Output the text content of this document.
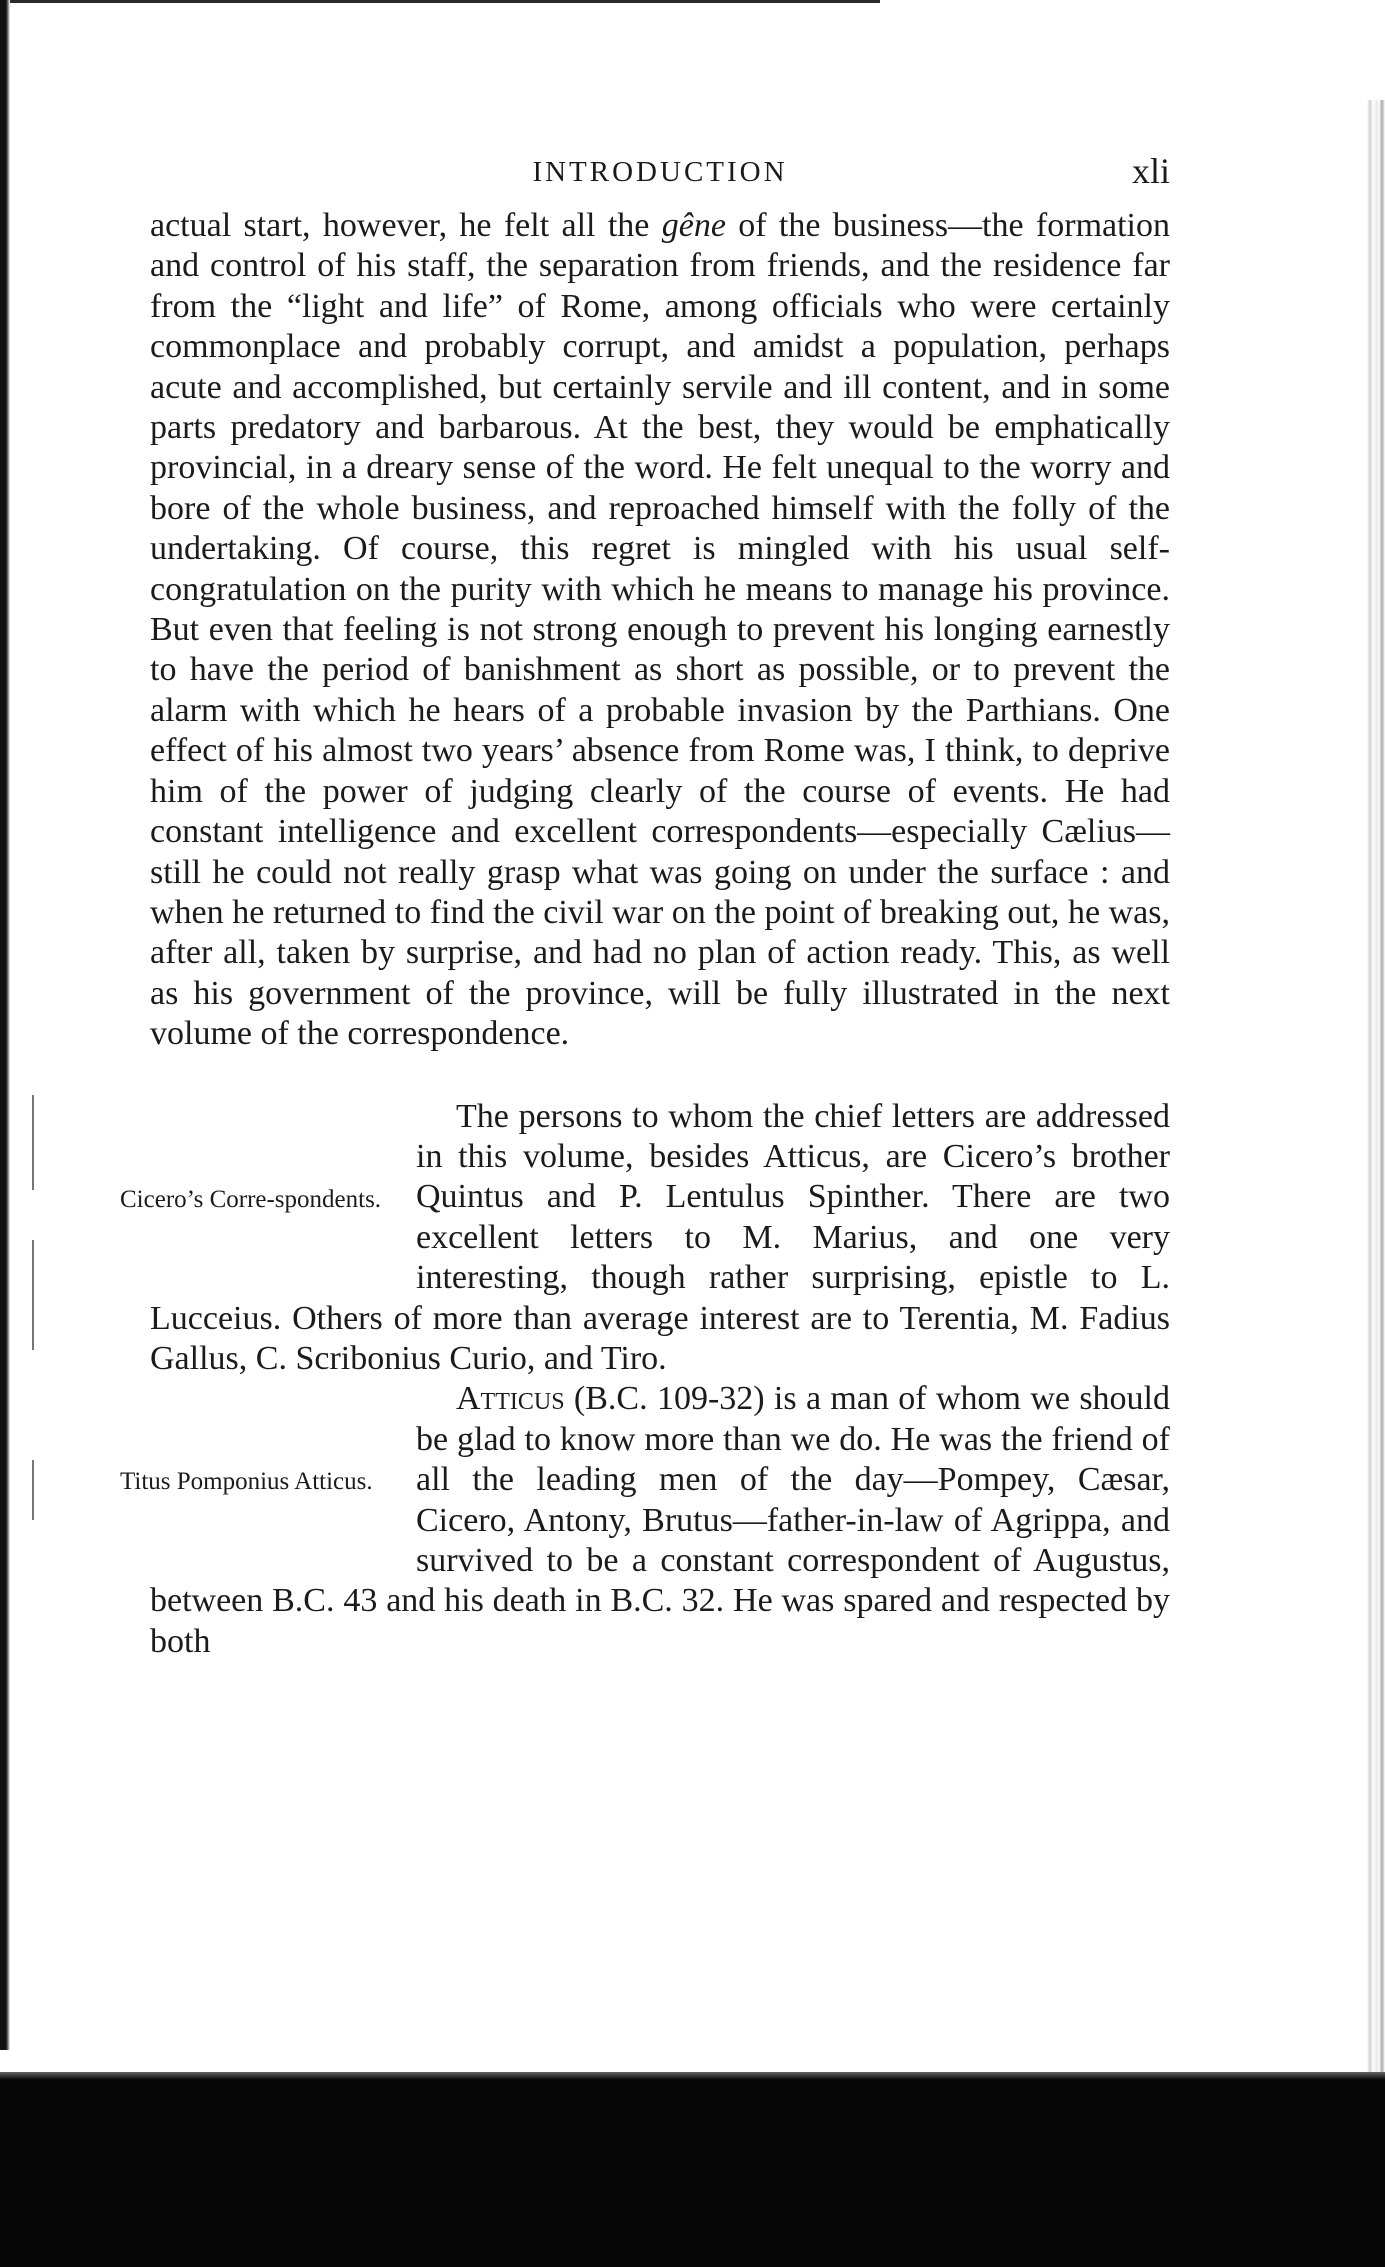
INTRODUCTION	xli

actual start, however, he felt all the gêne of the business—the formation and control of his staff, the separation from friends, and the residence far from the “light and life” of Rome, among officials who were certainly commonplace and probably corrupt, and amidst a population, perhaps acute and accomplished, but certainly servile and ill content, and in some parts predatory and barbarous. At the best, they would be emphatically provincial, in a dreary sense of the word. He felt unequal to the worry and bore of the whole business, and reproached himself with the folly of the undertaking. Of course, this regret is mingled with his usual self-congratulation on the purity with which he means to manage his province. But even that feeling is not strong enough to prevent his longing earnestly to have the period of banishment as short as possible, or to prevent the alarm with which he hears of a probable invasion by the Parthians. One effect of his almost two years’ absence from Rome was, I think, to deprive him of the power of judging clearly of the course of events. He had constant intelligence and excellent correspondents—especially Cælius—still he could not really grasp what was going on under the surface : and when he returned to find the civil war on the point of breaking out, he was, after all, taken by surprise, and had no plan of action ready. This, as well as his government of the province, will be fully illustrated in the next volume of the correspondence.

Cicero’s Corre-spondents.
The persons to whom the chief letters are addressed in this volume, besides Atticus, are Cicero’s brother Quintus and P. Lentulus Spinther. There are two excellent letters to M. Marius, and one very interesting, though rather surprising, epistle to L. Lucceius. Others of more than average interest are to Terentia, M. Fadius Gallus, C. Scribonius Curio, and Tiro.

Titus Pomponius Atticus.
Atticus (B.C. 109-32) is a man of whom we should be glad to know more than we do. He was the friend of all the leading men of the day—Pompey, Cæsar, Cicero, Antony, Brutus—father-in-law of Agrippa, and survived to be a constant correspondent of Augustus, between B.C. 43 and his death in B.C. 32. He was spared and respected by both
